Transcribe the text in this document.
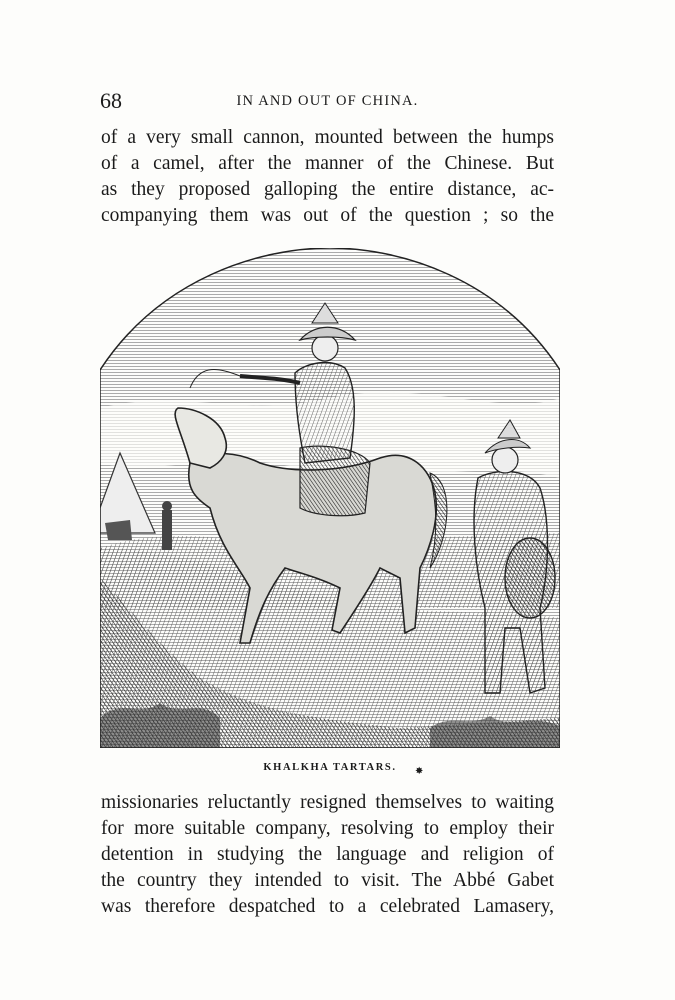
68	IN AND OUT OF CHINA.
of a very small cannon, mounted between the humps
of a camel, after the manner of the Chinese. But
as they proposed galloping the entire distance, ac-
companying them was out of the question ; so the
KHALKHA TARTARS.	✸
missionaries reluctantly resigned themselves to waiting
for more suitable company, resolving to employ their
detention in studying the language and religion of
the country they intended to visit. The Abbé Gabet
was therefore despatched to a celebrated Lamasery,
